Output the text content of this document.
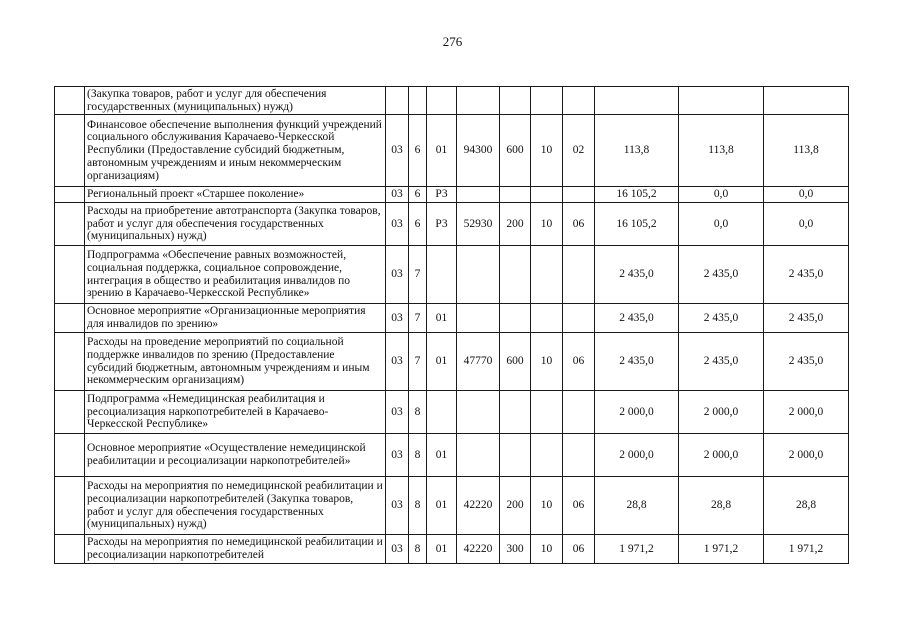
276
	(Закупка товаров, работ и услуг для обеспечения государственных (муниципальных) нужд)										
	Финансовое обеспечение выполнения функций учреждений социального обслуживания Карачаево-Черкесской Республики (Предоставление субсидий бюджетным, автономным учреждениям и иным некоммерческим организациям)	03	6	01	94300	600	10	02	113,8	113,8	113,8
	Региональный проект «Старшее поколение»	03	6	Р3					16 105,2	0,0	0,0
	Расходы на приобретение автотранспорта (Закупка товаров, работ и услуг для обеспечения государственных (муниципальных) нужд)	03	6	Р3	52930	200	10	06	16 105,2	0,0	0,0
	Подпрограмма «Обеспечение равных возможностей, социальная поддержка, социальное сопровождение, интеграция в общество и реабилитация инвалидов по зрению в Карачаево-Черкесской Республике»	03	7						2 435,0	2 435,0	2 435,0
	Основное мероприятие «Организационные мероприятия для инвалидов по зрению»	03	7	01					2 435,0	2 435,0	2 435,0
	Расходы на проведение мероприятий по социальной поддержке инвалидов по зрению (Предоставление субсидий бюджетным, автономным учреждениям и иным некоммерческим организациям)	03	7	01	47770	600	10	06	2 435,0	2 435,0	2 435,0
	Подпрограмма «Немедицинская реабилитация и ресоциализация наркопотребителей в Карачаево-Черкесской Республике»	03	8						2 000,0	2 000,0	2 000,0
	Основное мероприятие «Осуществление немедицинской реабилитации и ресоциализации наркопотребителей»	03	8	01					2 000,0	2 000,0	2 000,0
	Расходы на мероприятия по немедицинской реабилитации и ресоциализации наркопотребителей (Закупка товаров, работ и услуг для обеспечения государственных (муниципальных) нужд)	03	8	01	42220	200	10	06	28,8	28,8	28,8
	Расходы на мероприятия по немедицинской реабилитации и ресоциализации наркопотребителей	03	8	01	42220	300	10	06	1 971,2	1 971,2	1 971,2
